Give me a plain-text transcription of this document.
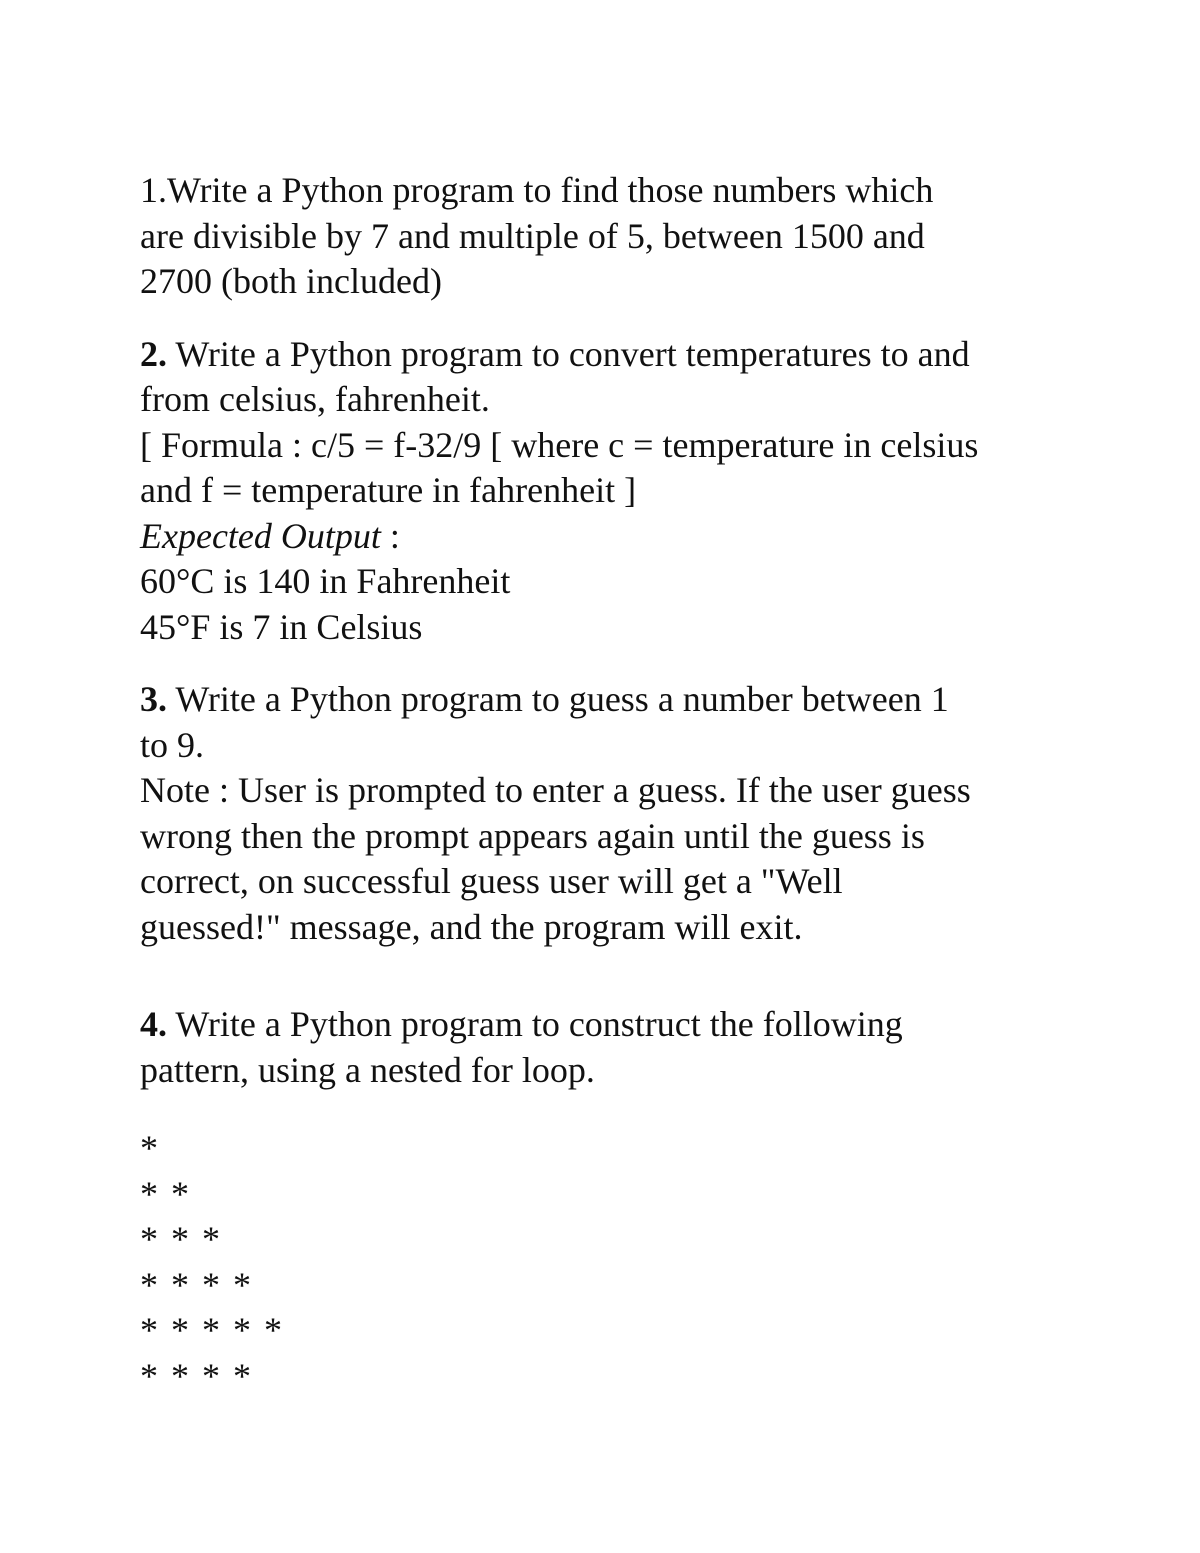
1.Write a Python program to find those numbers which
are divisible by 7 and multiple of 5, between 1500 and
2700 (both included)
2. Write a Python program to convert temperatures to and
from celsius, fahrenheit.
[ Formula : c/5 = f-32/9 [ where c = temperature in celsius
and f = temperature in fahrenheit ]
Expected Output :
60°C is 140 in Fahrenheit
45°F is 7 in Celsius
3. Write a Python program to guess a number between 1
to 9.
Note : User is prompted to enter a guess. If the user guess
wrong then the prompt appears again until the guess is
correct, on successful guess user will get a "Well
guessed!" message, and the program will exit.
4. Write a Python program to construct the following
pattern, using a nested for loop.
*
* *
* * *
* * * *
* * * * *
* * * *
